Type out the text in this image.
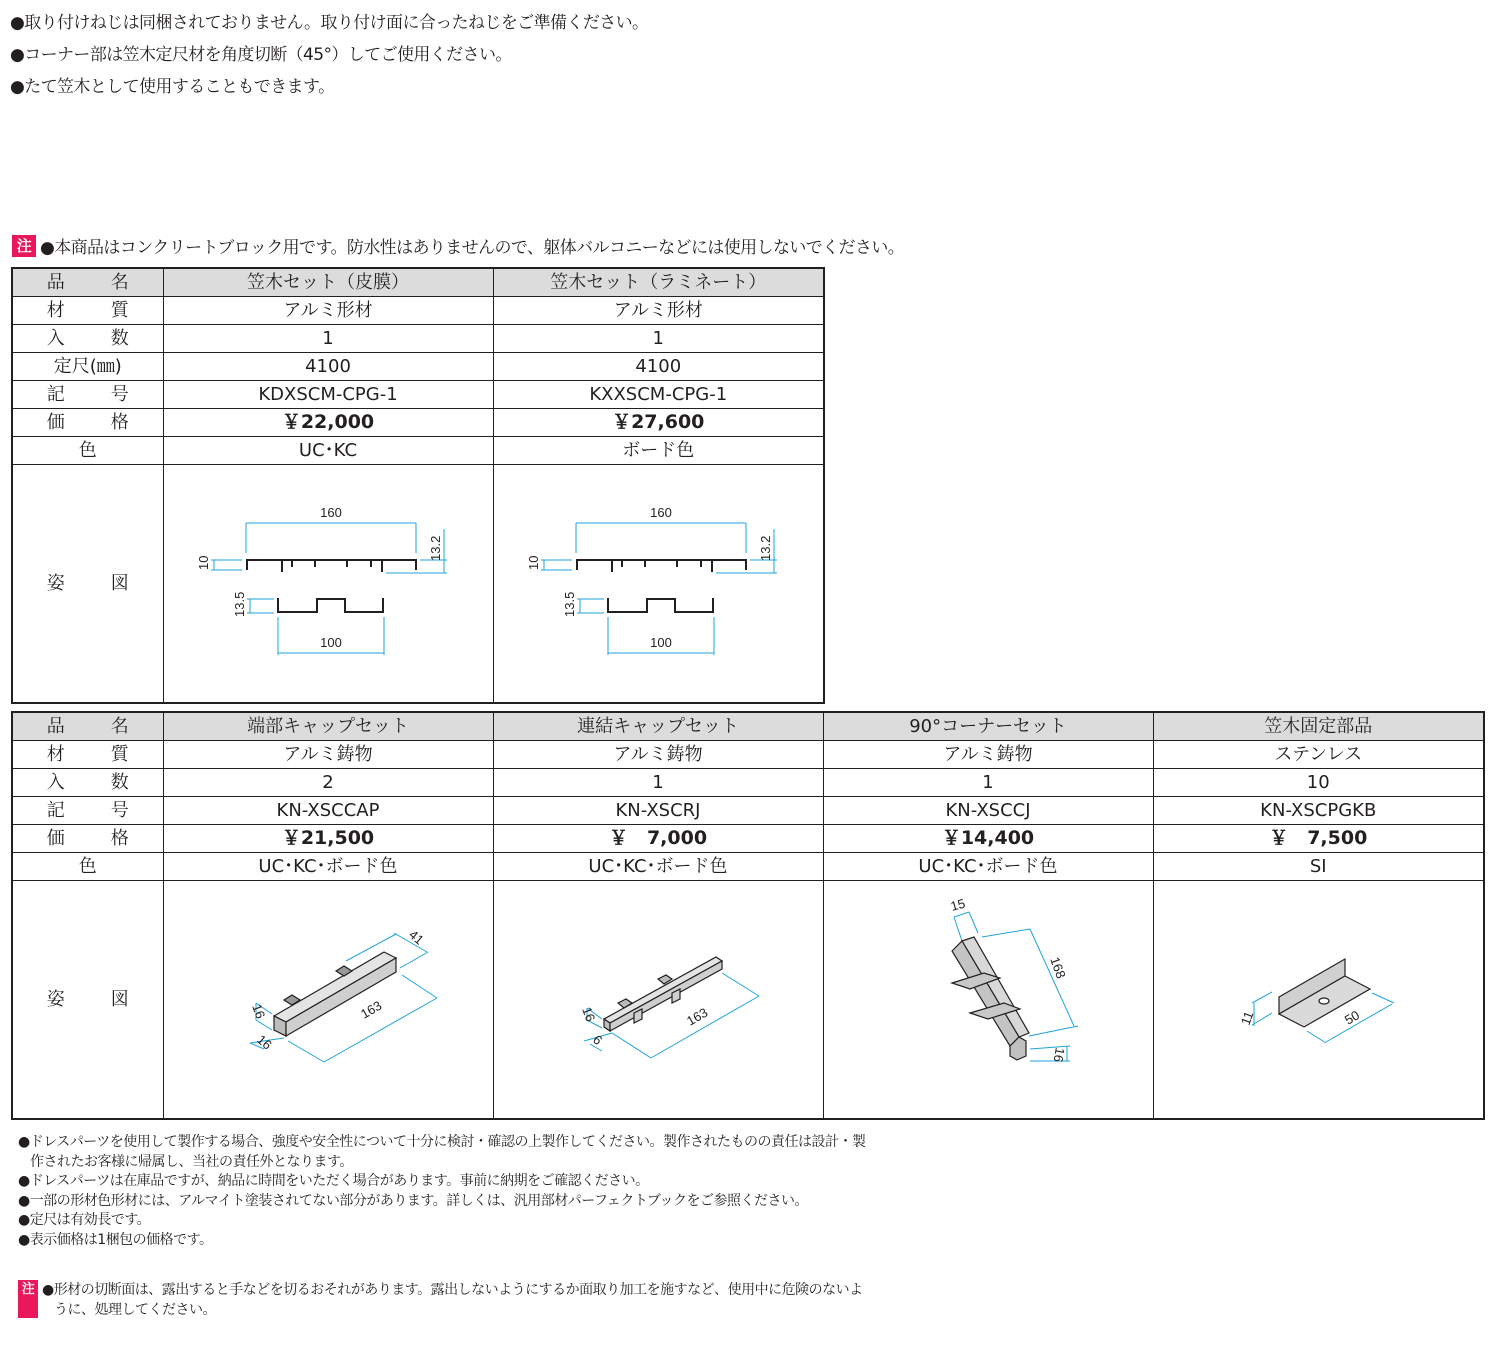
●取り付けねじは同梱されておりません。取り付け面に合ったねじをご準備ください。
●コーナー部は笠木定尺材を角度切断（45°）してご使用ください。
●たて笠木として使用することもできます。
注 ●本商品はコンクリートブロック用です。防水性はありませんので、躯体バルコニーなどには使用しないでください。
品　名	笠木セット（皮膜）	笠木セット（ラミネート）
材　質	アルミ形材	アルミ形材
入　数	1	1
定尺(㎜)	4100	4100
記　号	KDXSCM-CPG-1	KXXSCM-CPG-1
価　格	￥22,000	￥27,600
色	UC･KC	ボード色
姿　図	160
100
10
13.2
13.5	160
100
10
13.2
13.5
品　名	端部キャップセット	連結キャップセット	90°コーナーセット	笠木固定部品
材　質	アルミ鋳物	アルミ鋳物	アルミ鋳物	ステンレス
入　数	2	1	1	10
記　号	KN-XSCCAP	KN-XSCRJ	KN-XSCCJ	KN-XSCPGKB
価　格	￥21,500	￥　7,000	￥14,400	￥　7,500
色	UC･KC･ボード色	UC･KC･ボード色	UC･KC･ボード色	SI
姿　図	163
16
16
41	163
16
6	15
168
16	11 50
●ドレスパーツを使用して製作する場合、強度や安全性について十分に検討・確認の上製作してください。製作されたものの責任は設計・製
作されたお客様に帰属し、当社の責任外となります。
●ドレスパーツは在庫品ですが、納品に時間をいただく場合があります。事前に納期をご確認ください。
●一部の形材色形材には、アルマイト塗装されてない部分があります。詳しくは、汎用部材パーフェクトブックをご参照ください。
●定尺は有効長です。
●表示価格は1梱包の価格です。
注 ●形材の切断面は、露出すると手などを切るおそれがあります。露出しないようにするか面取り加工を施すなど、使用中に危険のないよ
うに、処理してください。
